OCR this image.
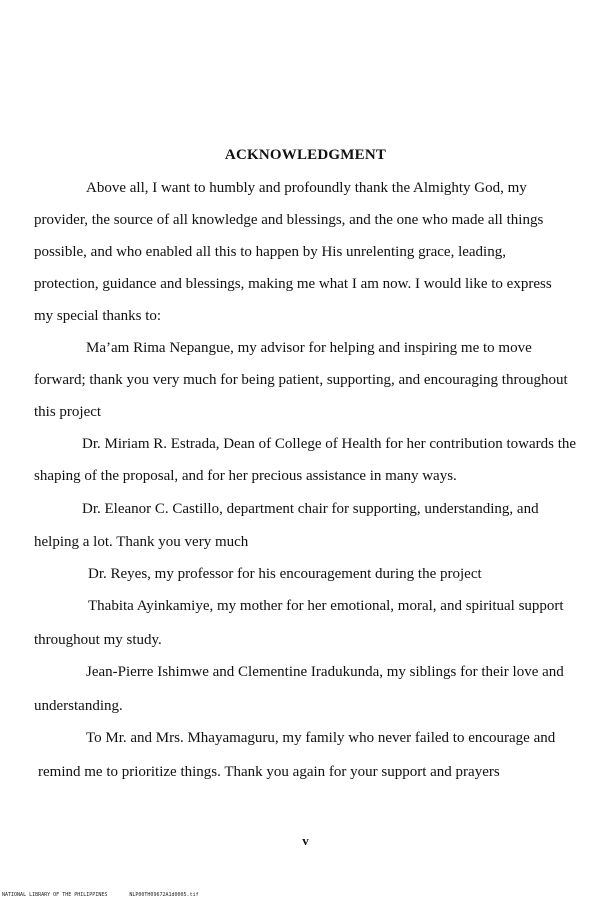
ACKNOWLEDGMENT
Above all, I want to humbly and profoundly thank the Almighty God, my
provider, the source of all knowledge and blessings, and the one who made all things
possible, and who enabled all this to happen by His unrelenting grace, leading,
protection, guidance and blessings, making me what I am now. I would like to express
my special thanks to:
Ma’am Rima Nepangue, my advisor for helping and inspiring me to move
forward; thank you very much for being patient, supporting, and encouraging throughout
this project
Dr. Miriam R. Estrada, Dean of College of Health for her contribution towards the
shaping of the proposal, and for her precious assistance in many ways.
Dr. Eleanor C. Castillo, department chair for supporting, understanding, and
helping a lot. Thank you very much
Dr. Reyes, my professor for his encouragement during the project
Thabita Ayinkamiye, my mother for her emotional, moral, and spiritual support
throughout my study.
Jean-Pierre Ishimwe and Clementine Iradukunda, my siblings for their love and
understanding.
To Mr. and Mrs. Mhayamaguru, my family who never failed to encourage and
remind me to prioritize things. Thank you again for your support and prayers
v
NATIONAL LIBRARY OF THE PHILIPPINES	NLP00TH09672A1d0005.tif
